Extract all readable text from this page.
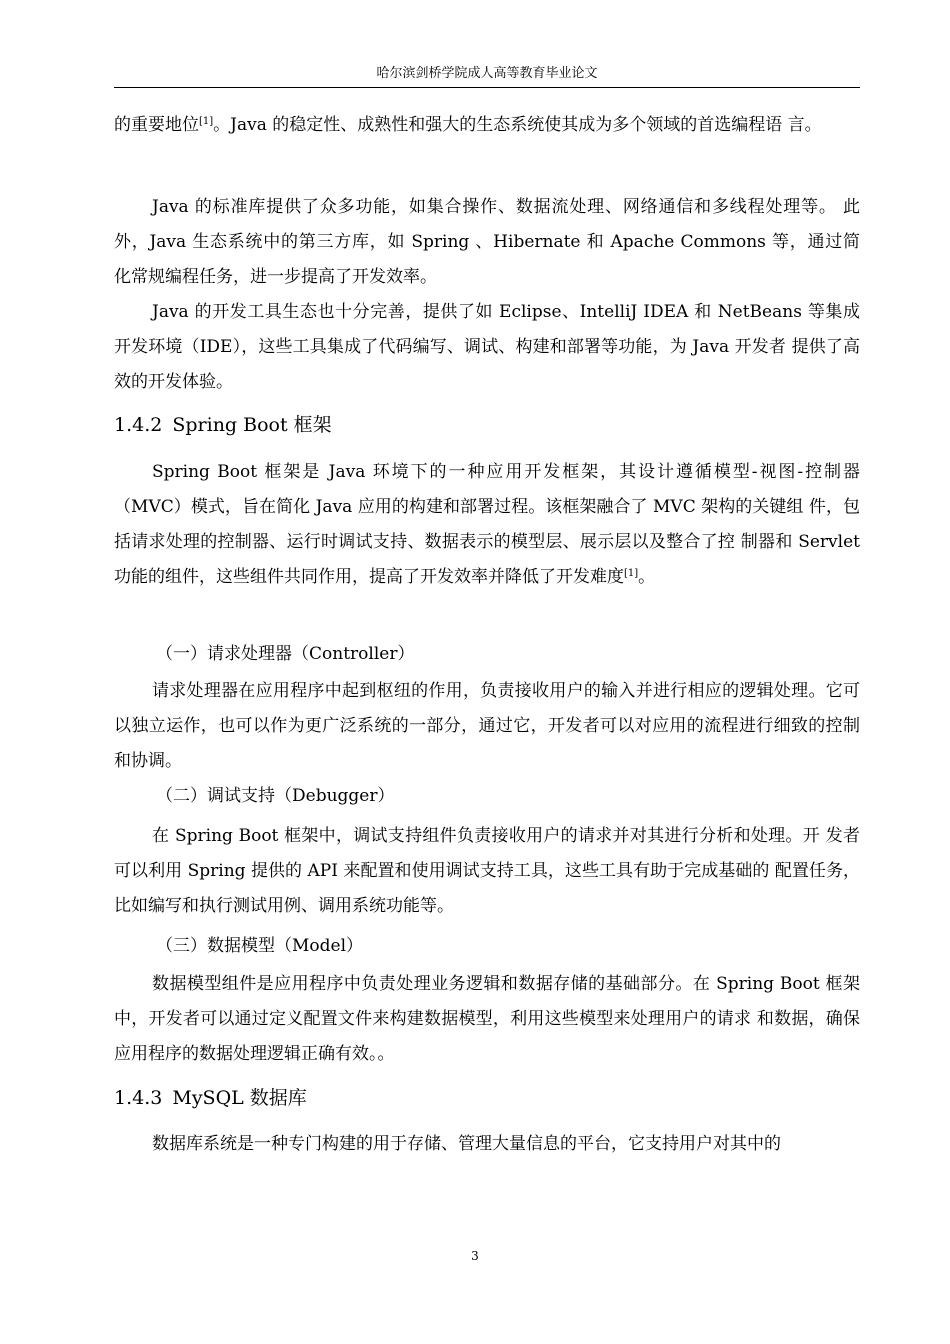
哈尔滨剑桥学院成人高等教育毕业论文

的重要地位[1]。Java 的稳定性、成熟性和强大的生态系统使其成为多个领域的首选编程语 言。

Java 的标准库提供了众多功能，如集合操作、数据流处理、网络通信和多线程处理等。 此外，Java 生态系统中的第三方库，如 Spring 、Hibernate 和 Apache Commons 等，通过简 化常规编程任务，进一步提高了开发效率。

Java 的开发工具生态也十分完善，提供了如 Eclipse、IntelliJ IDEA 和 NetBeans 等集成 开发环境（IDE），这些工具集成了代码编写、调试、构建和部署等功能，为 Java 开发者 提供了高效的开发体验。

1.4.2 Spring Boot 框架

Spring Boot 框架是 Java 环境下的一种应用开发框架，其设计遵循模型-视图-控制器 （MVC）模式，旨在简化 Java 应用的构建和部署过程。该框架融合了 MVC 架构的关键组 件，包括请求处理的控制器、运行时调试支持、数据表示的模型层、展示层以及整合了控 制器和 Servlet 功能的组件，这些组件共同作用，提高了开发效率并降低了开发难度[1]。

（一）请求处理器（Controller）

请求处理器在应用程序中起到枢纽的作用，负责接收用户的输入并进行相应的逻辑处理。它可以独立运作，也可以作为更广泛系统的一部分，通过它，开发者可以对应用的流程进行细致的控制和协调。

（二）调试支持（Debugger）

在 Spring Boot 框架中，调试支持组件负责接收用户的请求并对其进行分析和处理。开 发者可以利用 Spring 提供的 API 来配置和使用调试支持工具，这些工具有助于完成基础的 配置任务，比如编写和执行测试用例、调用系统功能等。

（三）数据模型（Model）

数据模型组件是应用程序中负责处理业务逻辑和数据存储的基础部分。在 Spring Boot 框架中，开发者可以通过定义配置文件来构建数据模型，利用这些模型来处理用户的请求 和数据，确保应用程序的数据处理逻辑正确有效。。

1.4.3 MySQL 数据库

数据库系统是一种专门构建的用于存储、管理大量信息的平台，它支持用户对其中的

3
